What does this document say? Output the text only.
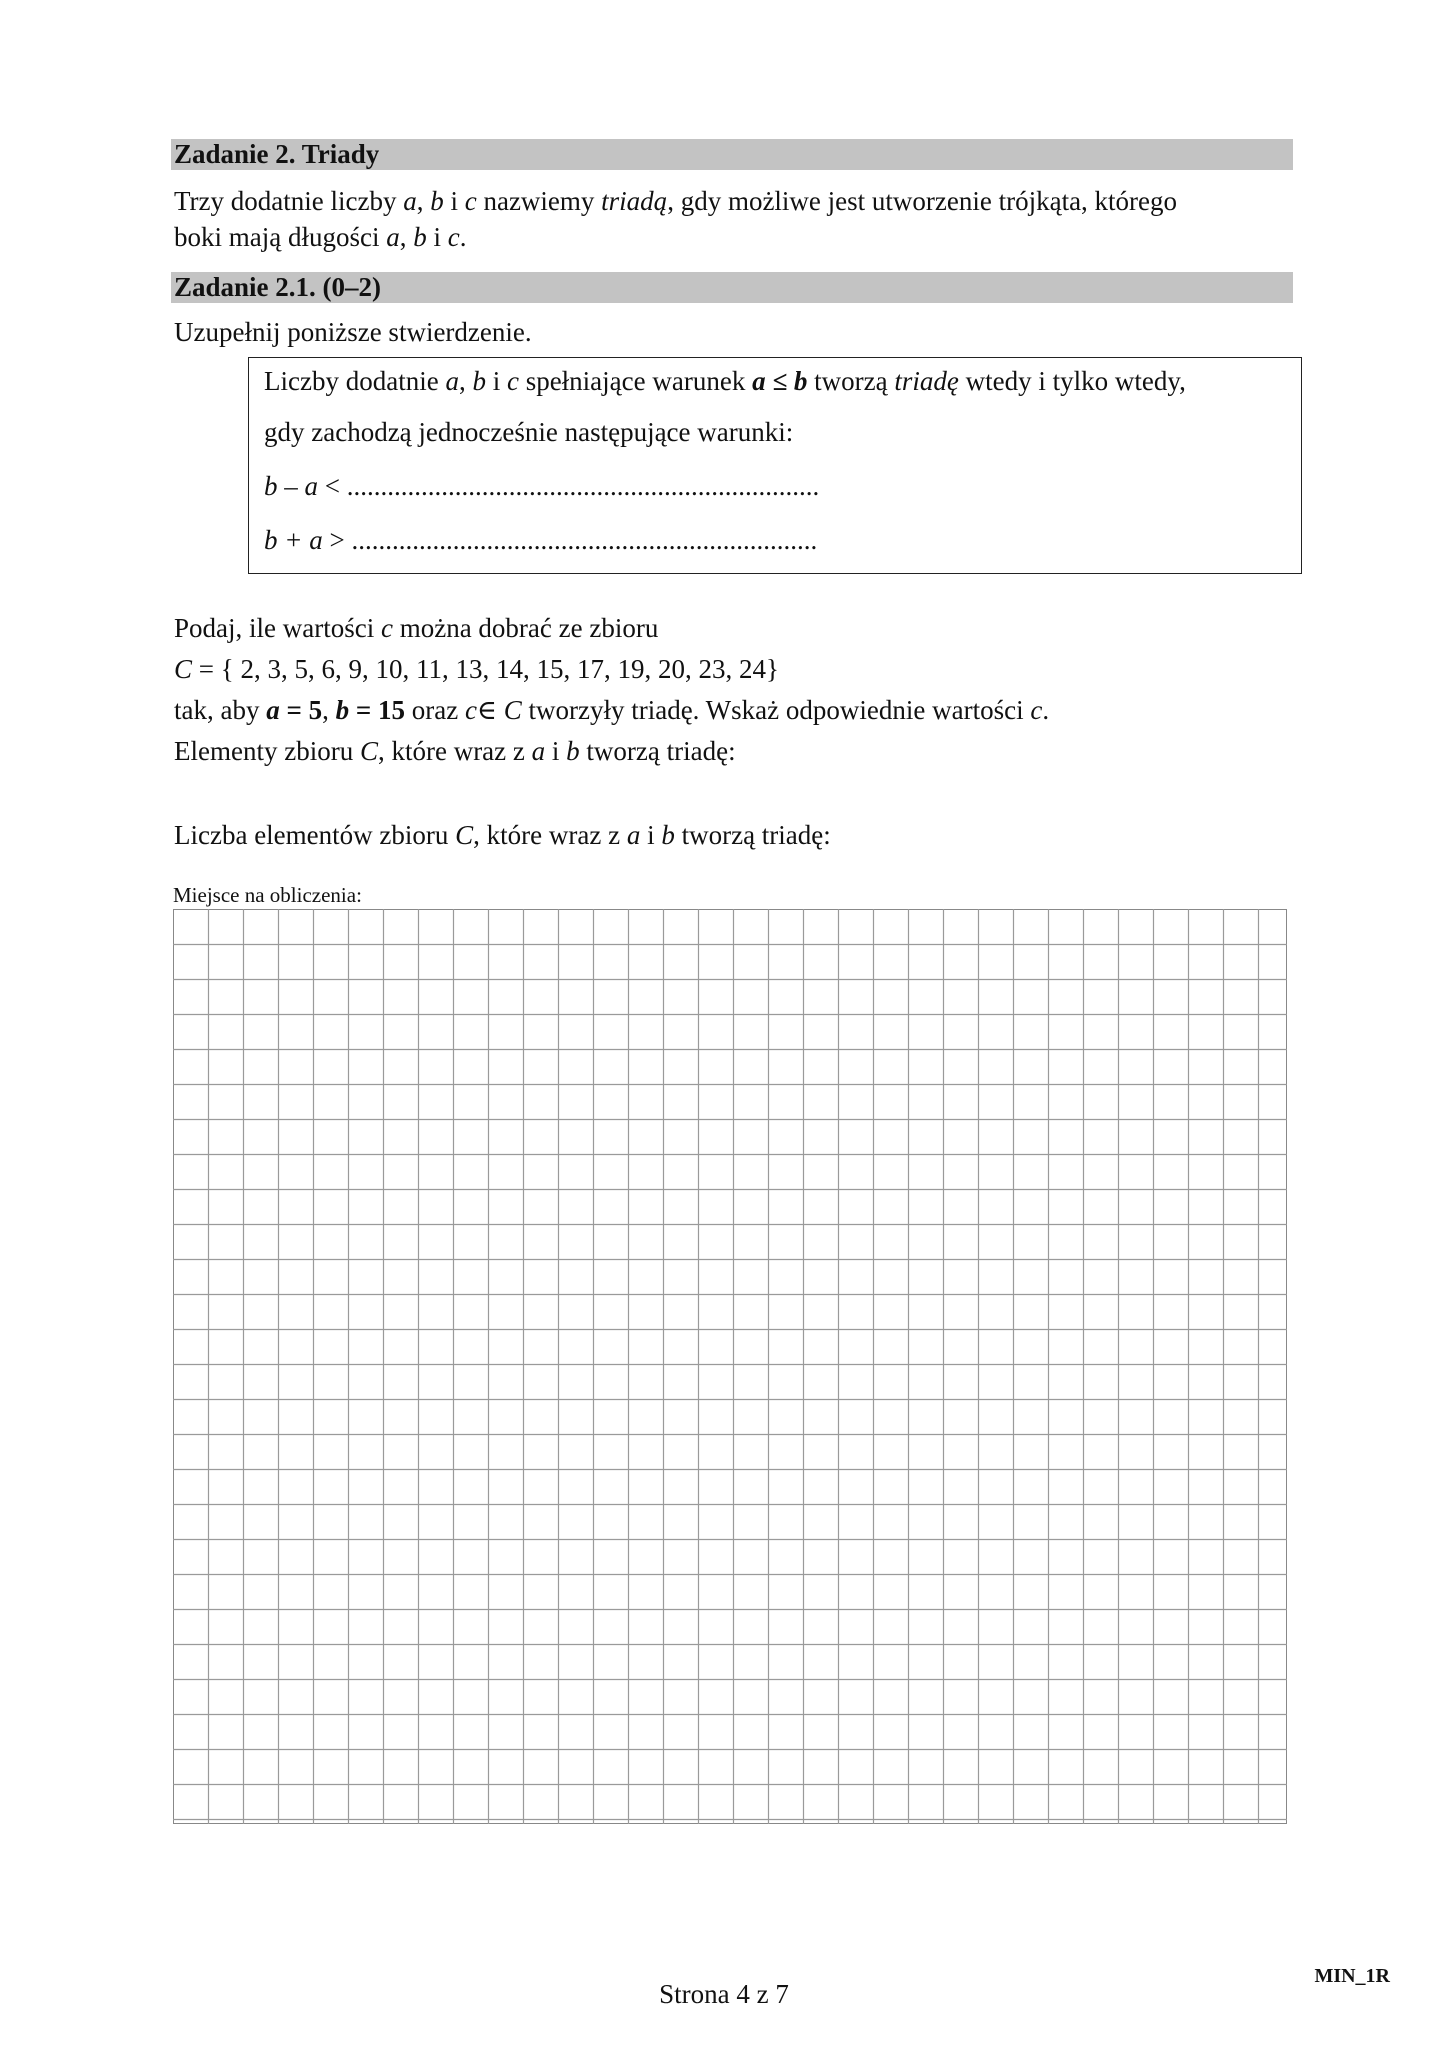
Zadanie 2. Triady
Trzy dodatnie liczby a, b i c nazwiemy triadą, gdy możliwe jest utworzenie trójkąta, którego
boki mają długości a, b i c.
Zadanie 2.1. (0–2)
Uzupełnij poniższe stwierdzenie.
Liczby dodatnie a, b i c spełniające warunek a ≤ b tworzą triadę wtedy i tylko wtedy,
gdy zachodzą jednocześnie następujące warunki:
b – a < ......................................................................
b + a > .....................................................................
Podaj, ile wartości c można dobrać ze zbioru
C = { 2, 3, 5, 6, 9, 10, 11, 13, 14, 15, 17, 19, 20, 23, 24}
tak, aby a = 5, b = 15 oraz c∈ C tworzyły triadę. Wskaż odpowiednie wartości c.
Elementy zbioru C, które wraz z a i b tworzą triadę:
Liczba elementów zbioru C, które wraz z a i b tworzą triadę:
Miejsce na obliczenia:
MIN_1R
Strona 4 z 7
